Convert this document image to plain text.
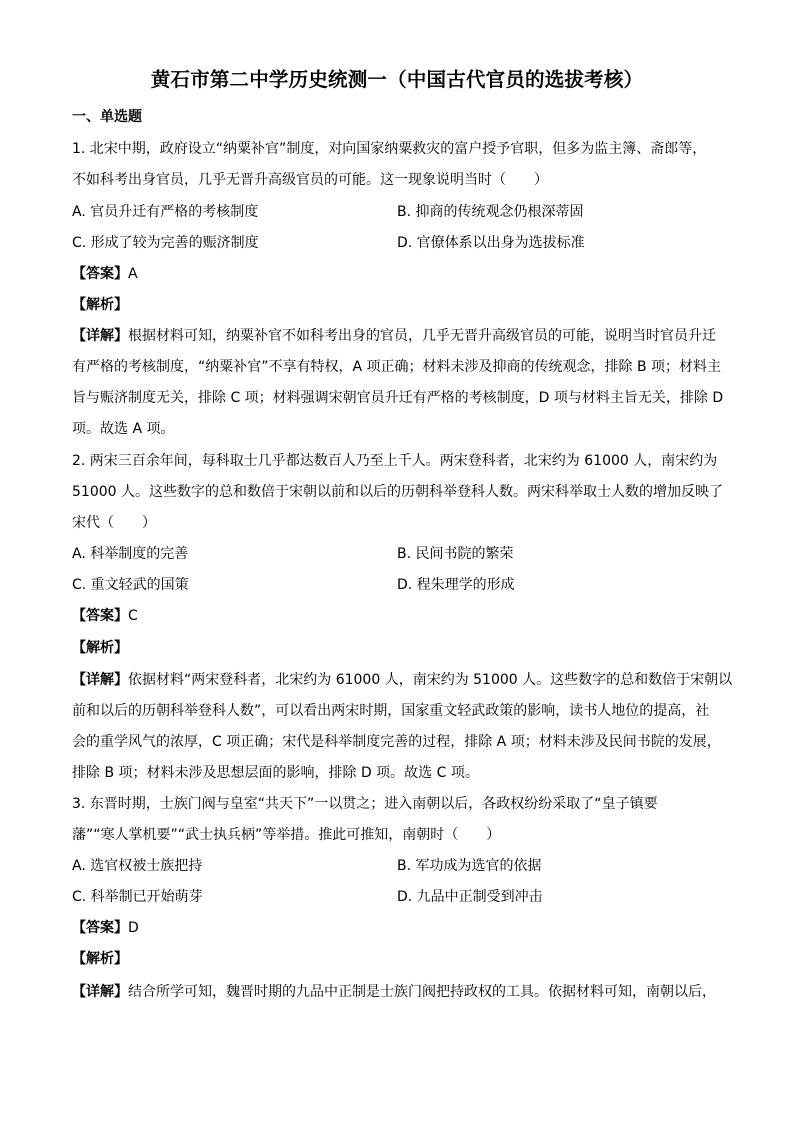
黄石市第二中学历史统测一（中国古代官员的选拔考核）
一、单选题
1. 北宋中期，政府设立“纳粟补官”制度，对向国家纳粟救灾的富户授予官职，但多为监主簿、斋郎等，
不如科考出身官员，几乎无晋升高级官员的可能。这一现象说明当时（　　）
A. 官员升迁有严格的考核制度	B. 抑商的传统观念仍根深蒂固
C. 形成了较为完善的赈济制度	D. 官僚体系以出身为选拔标准
【答案】A
【解析】
【详解】根据材料可知，纳粟补官不如科考出身的官员，几乎无晋升高级官员的可能，说明当时官员升迁
有严格的考核制度，“纳粟补官”不享有特权，A 项正确；材料未涉及抑商的传统观念，排除 B 项；材料主
旨与赈济制度无关，排除 C 项；材料强调宋朝官员升迁有严格的考核制度，D 项与材料主旨无关，排除 D
项。故选 A 项。
2. 两宋三百余年间，每科取士几乎都达数百人乃至上千人。两宋登科者，北宋约为 61000 人，南宋约为
51000 人。这些数字的总和数倍于宋朝以前和以后的历朝科举登科人数。两宋科举取士人数的增加反映了
宋代（　　）
A. 科举制度的完善	B. 民间书院的繁荣
C. 重文轻武的国策	D. 程朱理学的形成
【答案】C
【解析】
【详解】依据材料“两宋登科者，北宋约为 61000 人，南宋约为 51000 人。这些数字的总和数倍于宋朝以
前和以后的历朝科举登科人数”，可以看出两宋时期，国家重文轻武政策的影响，读书人地位的提高，社
会的重学风气的浓厚，C 项正确；宋代是科举制度完善的过程，排除 A 项；材料未涉及民间书院的发展，
排除 B 项；材料未涉及思想层面的影响，排除 D 项。故选 C 项。
3. 东晋时期，士族门阀与皇室“共天下”一以贯之；进入南朝以后，各政权纷纷采取了“皇子镇要
藩”“寒人掌机要”“武士执兵柄”等举措。推此可推知，南朝时（　　）
A. 选官权被士族把持	B. 军功成为选官的依据
C. 科举制已开始萌芽	D. 九品中正制受到冲击
【答案】D
【解析】
【详解】结合所学可知，魏晋时期的九品中正制是士族门阀把持政权的工具。依据材料可知，南朝以后，
